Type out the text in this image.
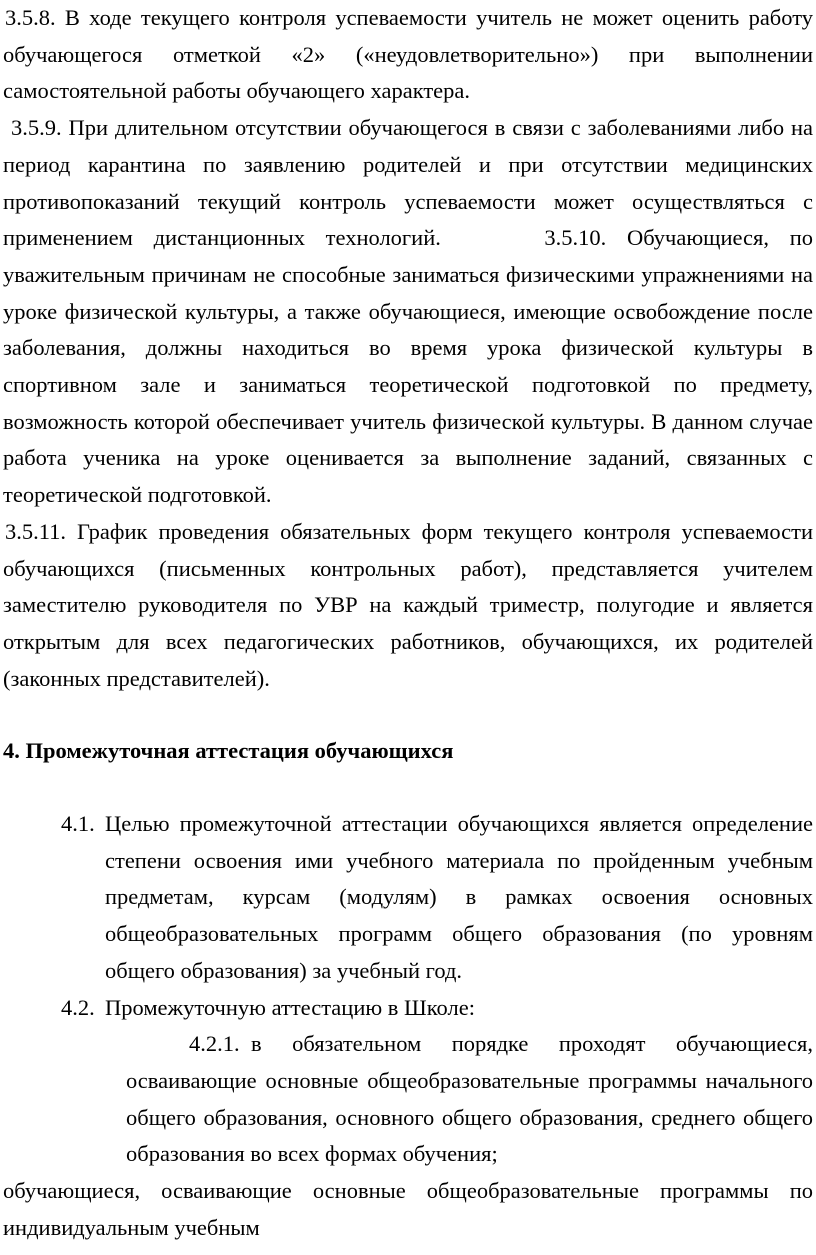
3.5.8. В ходе текущего контроля успеваемости учитель не может оценить работу обучающегося отметкой «2» («неудовлетворительно») при выполнении самостоятельной работы обучающего характера.

3.5.9. При длительном отсутствии обучающегося в связи с заболеваниями либо на период карантина по заявлению родителей и при отсутствии медицинских противопоказаний текущий контроль успеваемости может осуществляться с применением дистанционных технологий.	3.5.10. Обучающиеся, по уважительным причинам не способные заниматься физическими упражнениями на уроке физической культуры, а также обучающиеся, имеющие освобождение после заболевания, должны находиться во время урока физической культуры в спортивном зале и заниматься теоретической подготовкой по предмету, возможность которой обеспечивает учитель физической культуры. В данном случае работа ученика на уроке оценивается за выполнение заданий, связанных с теоретической подготовкой.

3.5.11. График проведения обязательных форм текущего контроля успеваемости обучающихся (письменных контрольных работ), представляется учителем заместителю руководителя по УВР на каждый триместр, полугодие и является открытым для всех педагогических работников, обучающихся, их родителей (законных представителей).

4. Промежуточная аттестация обучающихся

4.1. Целью промежуточной аттестации обучающихся является определение степени освоения ими учебного материала по пройденным учебным предметам, курсам (модулям) в рамках освоения основных общеобразовательных программ общего образования (по уровням общего образования) за учебный год.
4.2. Промежуточную аттестацию в Школе:

4.2.1. в обязательном порядке проходят обучающиеся, осваивающие основные общеобразовательные программы начального общего образования, основного общего образования, среднего общего образования во всех формах обучения;

обучающиеся, осваивающие основные общеобразовательные программы по индивидуальным учебным
